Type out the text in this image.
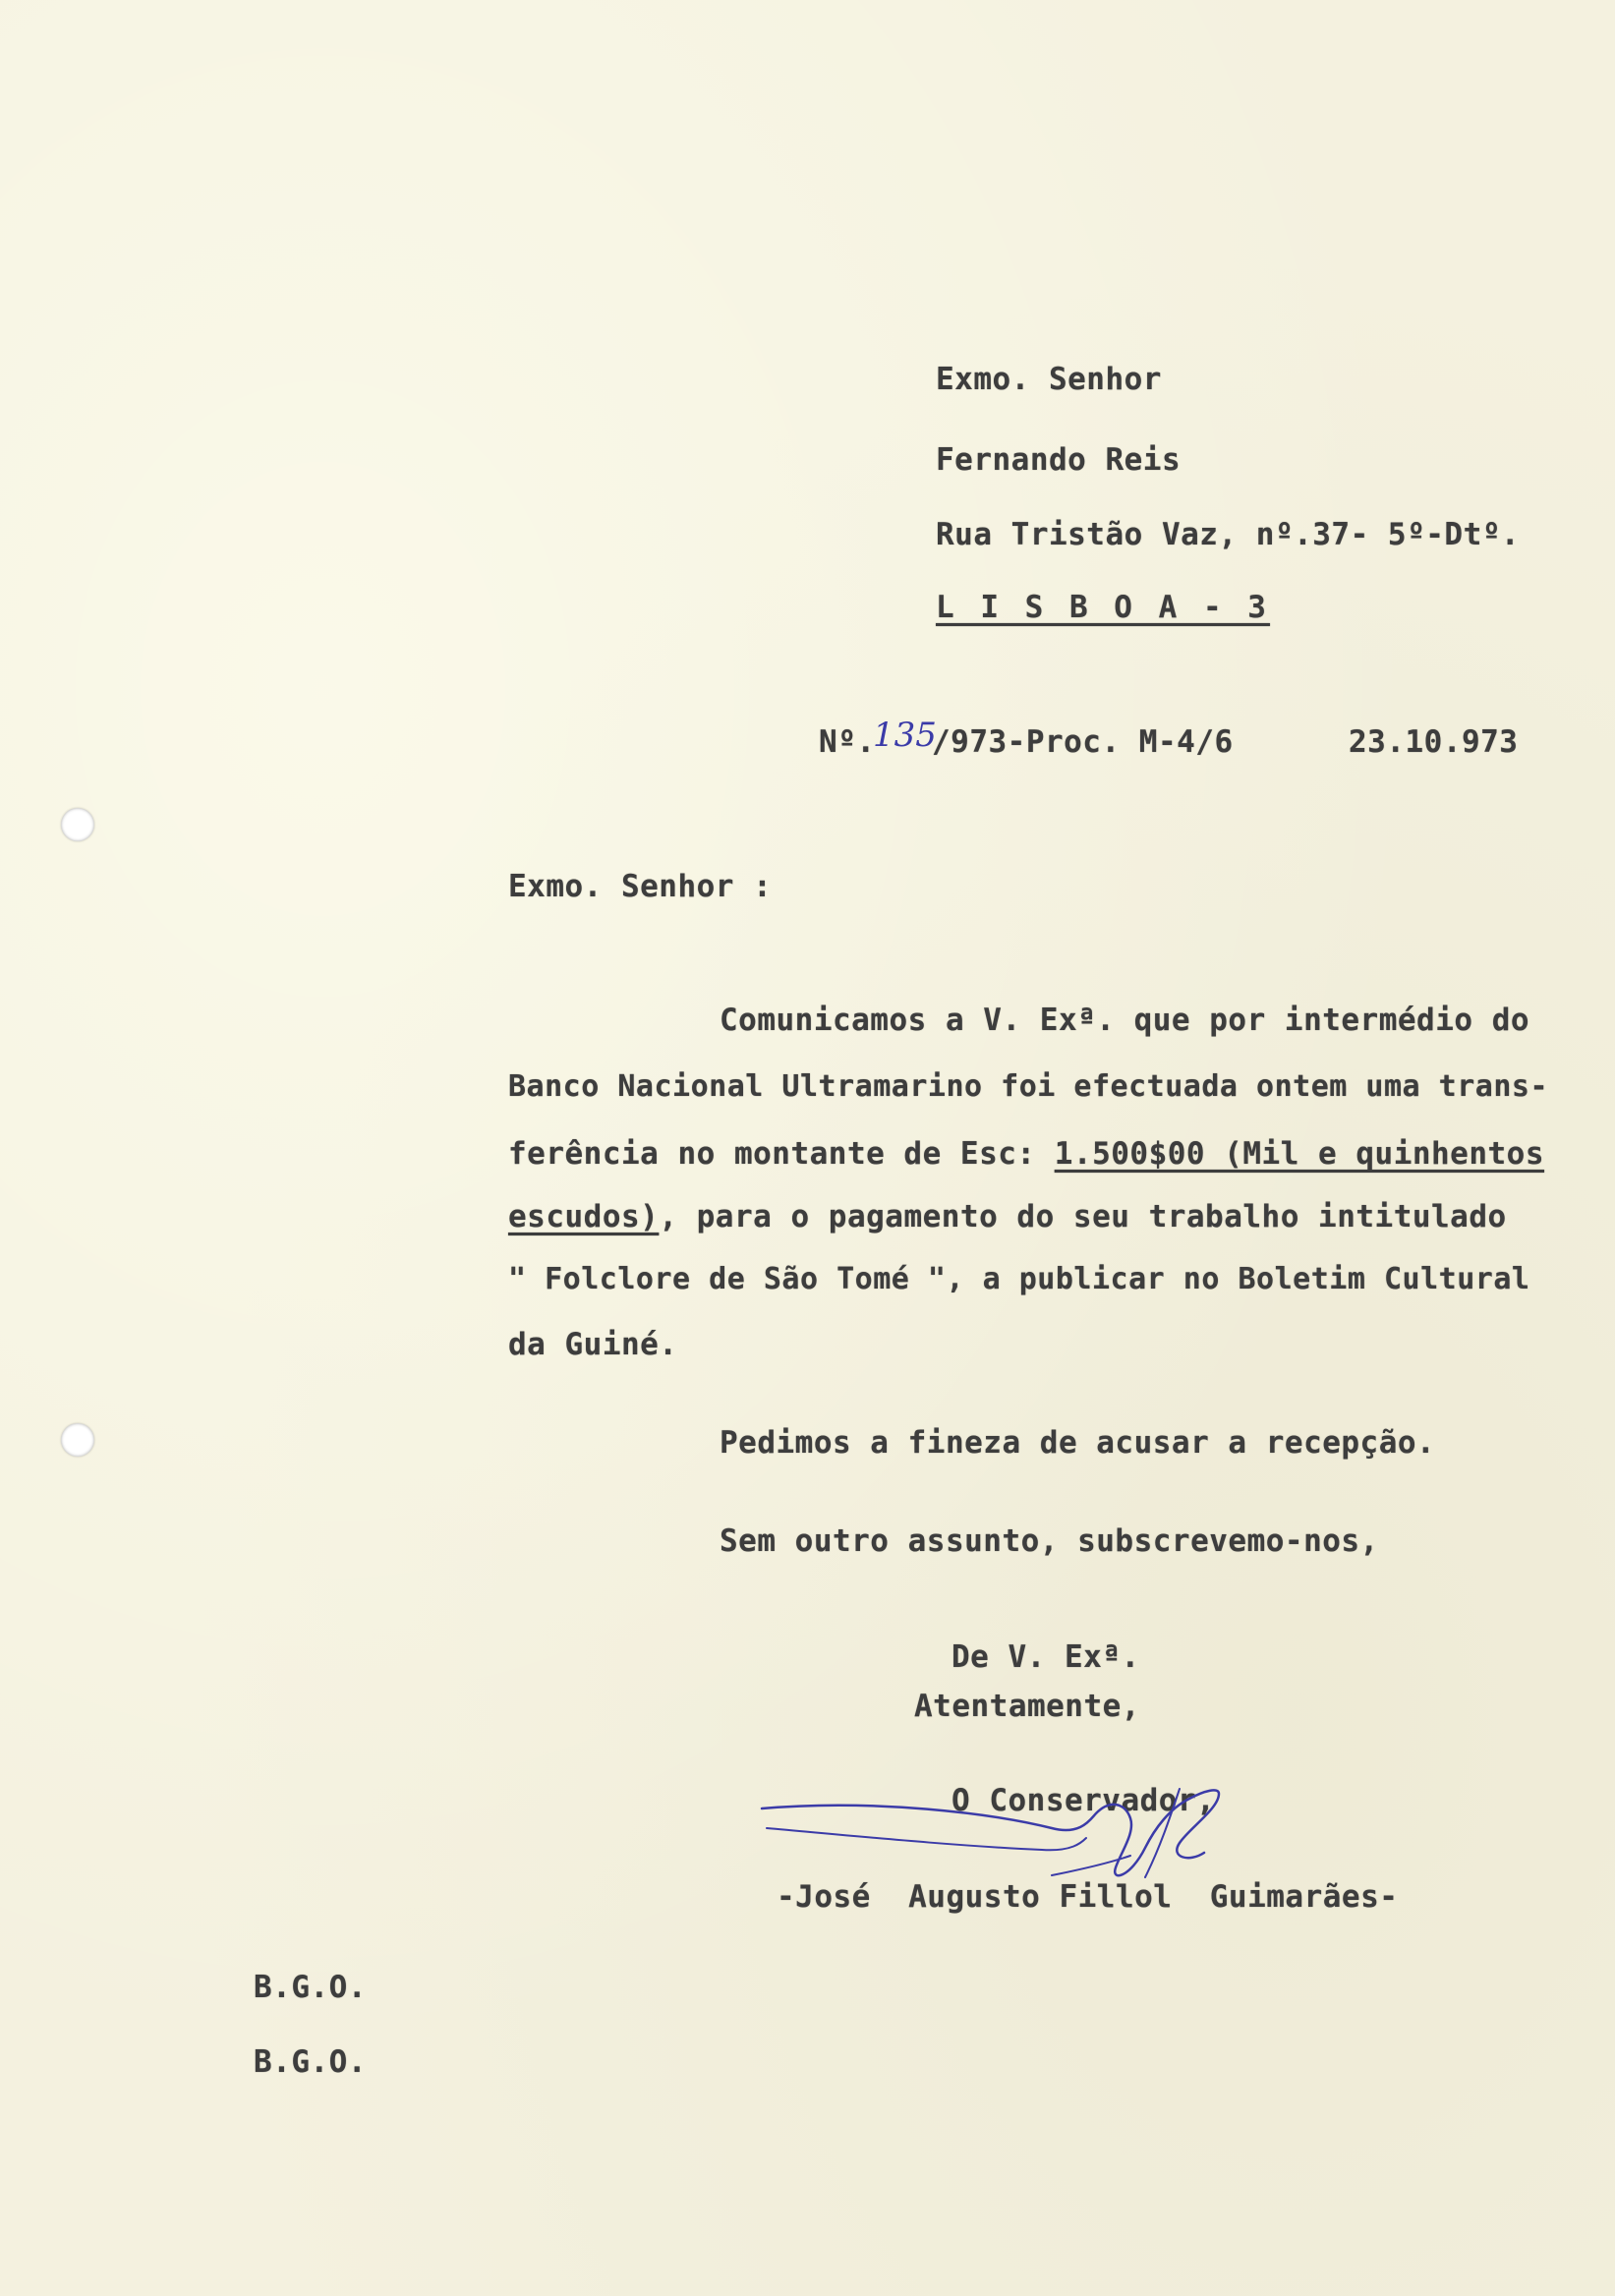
Exmo. Senhor
Fernando Reis
Rua Tristão Vaz, nº.37- 5º-Dtº.
L I S B O A - 3
Nº.
135
/973-Proc. M-4/6	23.10.973
Exmo. Senhor :
Comunicamos a V. Exª. que por intermédio do
Banco Nacional Ultramarino foi efectuada ontem uma trans-
ferência no montante de Esc: 1.500$00 (Mil e quinhentos
escudos), para o pagamento do seu trabalho intitulado
" Folclore de São Tomé ", a publicar no Boletim Cultural
da Guiné.
Pedimos a fineza de acusar a recepção.
Sem outro assunto, subscrevemo-nos,
De V. Exª.
Atentamente,
O Conservador,
-José  Augusto Fillol  Guimarães-
B.G.O.
B.G.O.
